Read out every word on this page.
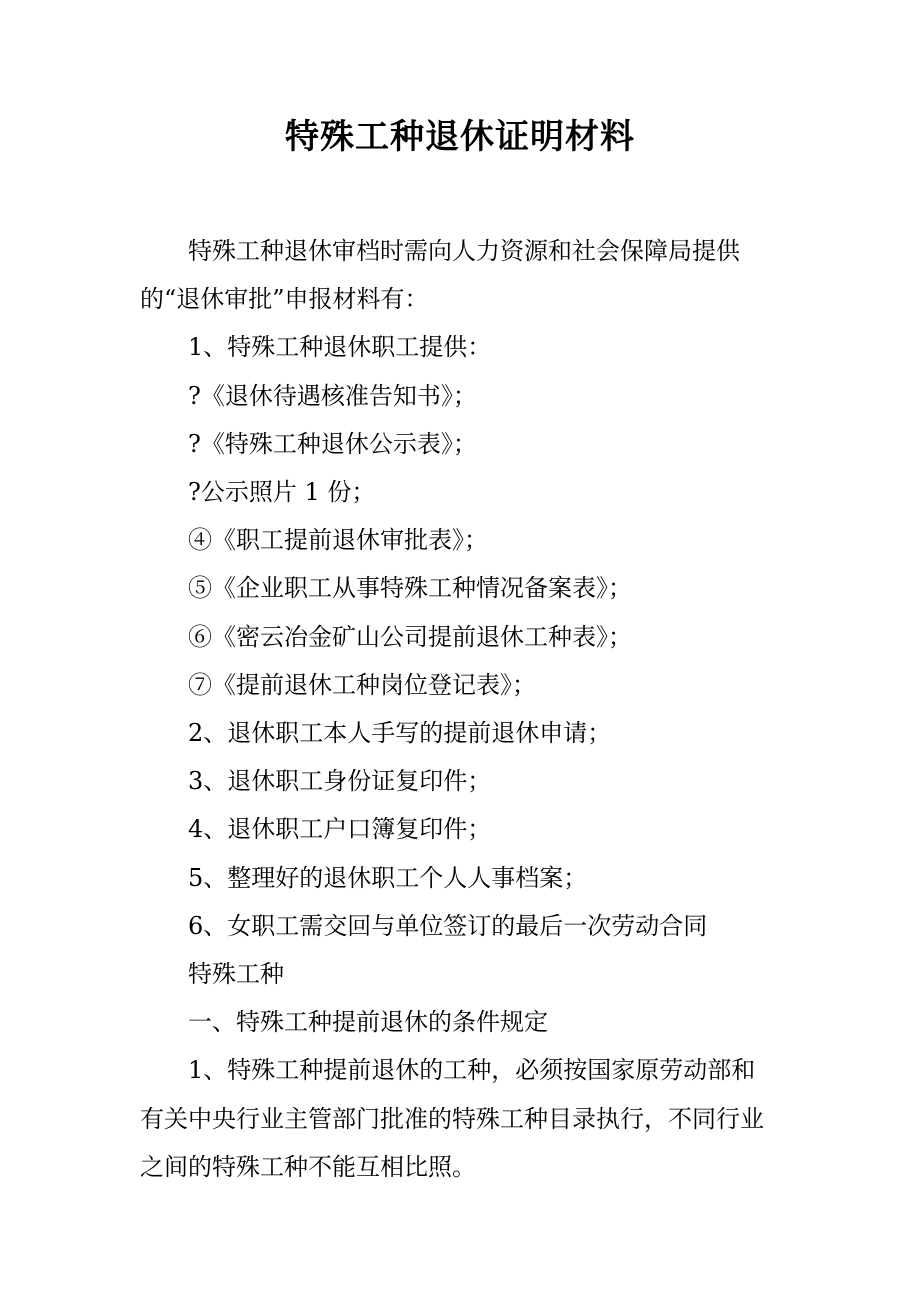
特殊工种退休证明材料

特殊工种退休审档时需向人力资源和社会保障局提供
的“退休审批”申报材料有：

1、特殊工种退休职工提供：

?《退休待遇核准告知书》；

?《特殊工种退休公示表》；

?公示照片 1 份；

④《职工提前退休审批表》；

⑤《企业职工从事特殊工种情况备案表》；

⑥《密云冶金矿山公司提前退休工种表》；

⑦《提前退休工种岗位登记表》；

2、退休职工本人手写的提前退休申请；

3、退休职工身份证复印件；

4、退休职工户口簿复印件；

5、整理好的退休职工个人人事档案；

6、女职工需交回与单位签订的最后一次劳动合同

特殊工种

一、特殊工种提前退休的条件规定

1、特殊工种提前退休的工种，必须按国家原劳动部和
有关中央行业主管部门批准的特殊工种目录执行，不同行业
之间的特殊工种不能互相比照。
